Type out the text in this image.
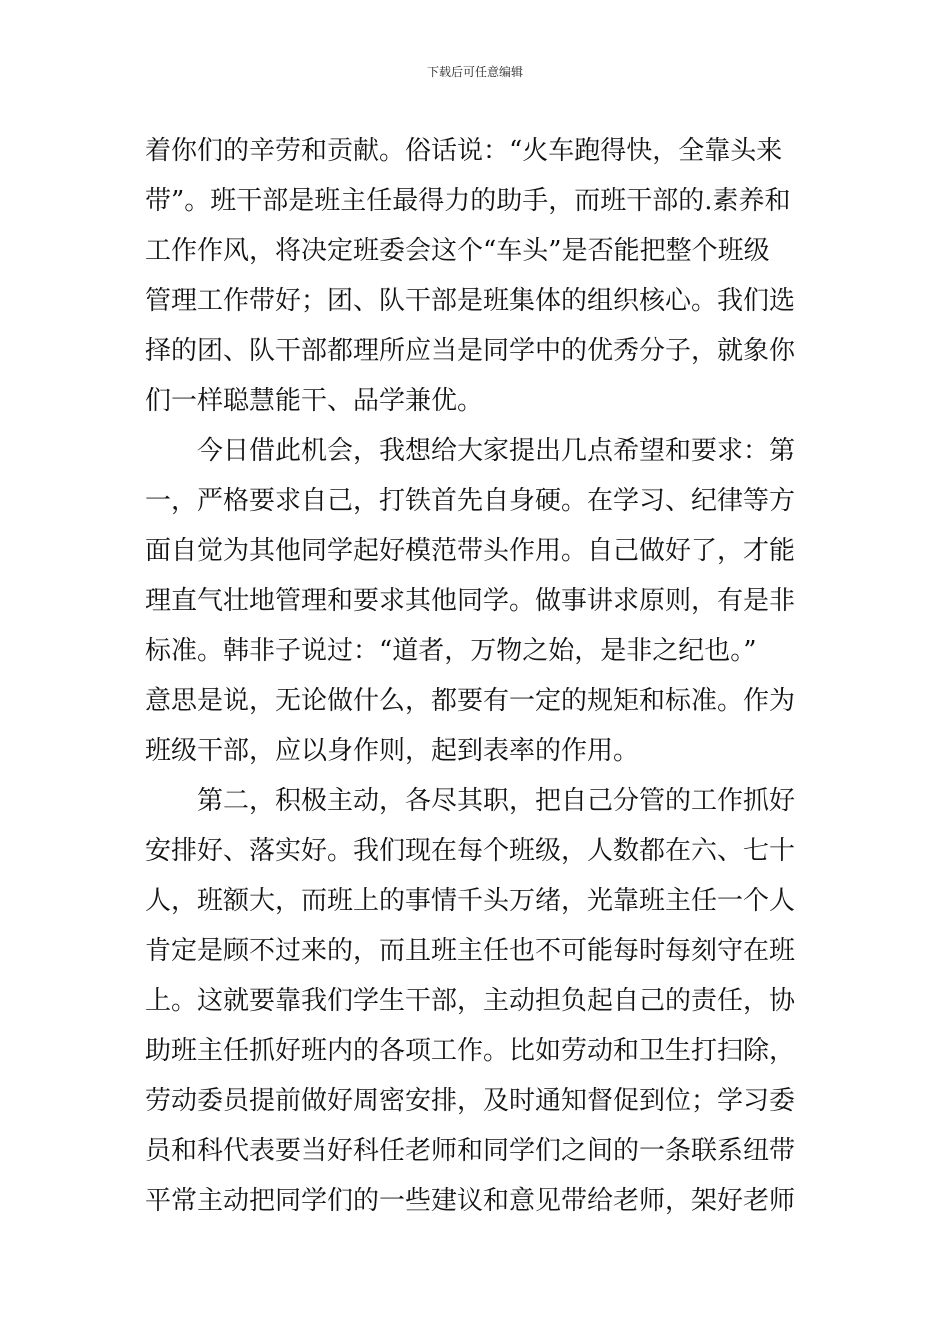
下载后可任意编辑
着你们的辛劳和贡献。俗话说：“火车跑得快，全靠头来
带”。班干部是班主任最得力的助手，而班干部的.素养和
工作作风，将决定班委会这个“车头”是否能把整个班级
管理工作带好；团、队干部是班集体的组织核心。我们选
择的团、队干部都理所应当是同学中的优秀分子，就象你
们一样聪慧能干、品学兼优。
今日借此机会，我想给大家提出几点希望和要求：第
一，严格要求自己，打铁首先自身硬。在学习、纪律等方
面自觉为其他同学起好模范带头作用。自己做好了，才能
理直气壮地管理和要求其他同学。做事讲求原则，有是非
标准。韩非子说过：“道者，万物之始，是非之纪也。”
意思是说，无论做什么，都要有一定的规矩和标准。作为
班级干部，应以身作则，起到表率的作用。
第二，积极主动，各尽其职，把自己分管的工作抓好
安排好、落实好。我们现在每个班级，人数都在六、七十
人，班额大，而班上的事情千头万绪，光靠班主任一个人
肯定是顾不过来的，而且班主任也不可能每时每刻守在班
上。这就要靠我们学生干部，主动担负起自己的责任，协
助班主任抓好班内的各项工作。比如劳动和卫生打扫除，
劳动委员提前做好周密安排，及时通知督促到位；学习委
员和科代表要当好科任老师和同学们之间的一条联系纽带
平常主动把同学们的一些建议和意见带给老师，架好老师
